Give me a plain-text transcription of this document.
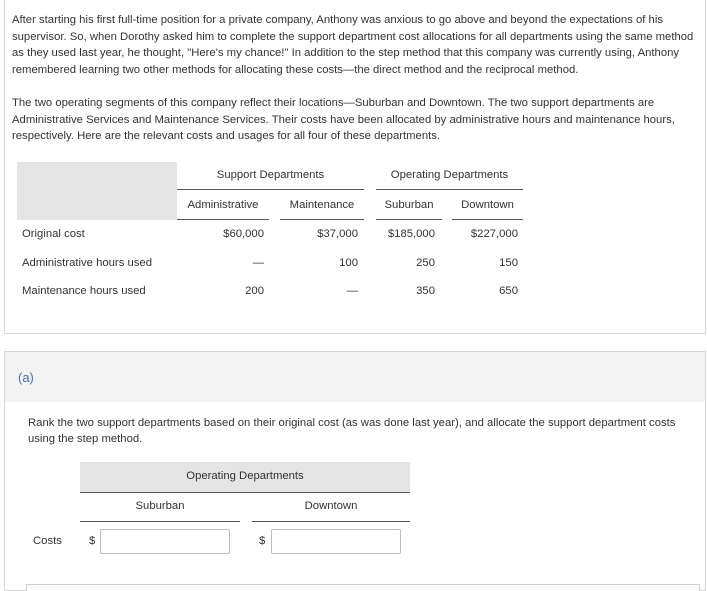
After starting his first full-time position for a private company, Anthony was anxious to go above and beyond the expectations of his supervisor. So, when Dorothy asked him to complete the support department cost allocations for all departments using the same method as they used last year, he thought, "Here's my chance!" In addition to the step method that this company was currently using, Anthony remembered learning two other methods for allocating these costs—the direct method and the reciprocal method.
The two operating segments of this company reflect their locations—Suburban and Downtown. The two support departments are Administrative Services and Maintenance Services. Their costs have been allocated by administrative hours and maintenance hours, respectively. Here are the relevant costs and usages for all four of these departments.
Support Departments	Operating Departments
Administrative	Maintenance	Suburban	Downtown
Original cost	$60,000	$37,000	$185,000	$227,000
Administrative hours used	—	100	250	150
Maintenance hours used	200	—	350	650
(a)
Rank the two support departments based on their original cost (as was done last year), and allocate the support department costs using the step method.
Operating Departments
Suburban	Downtown
Costs $	$
